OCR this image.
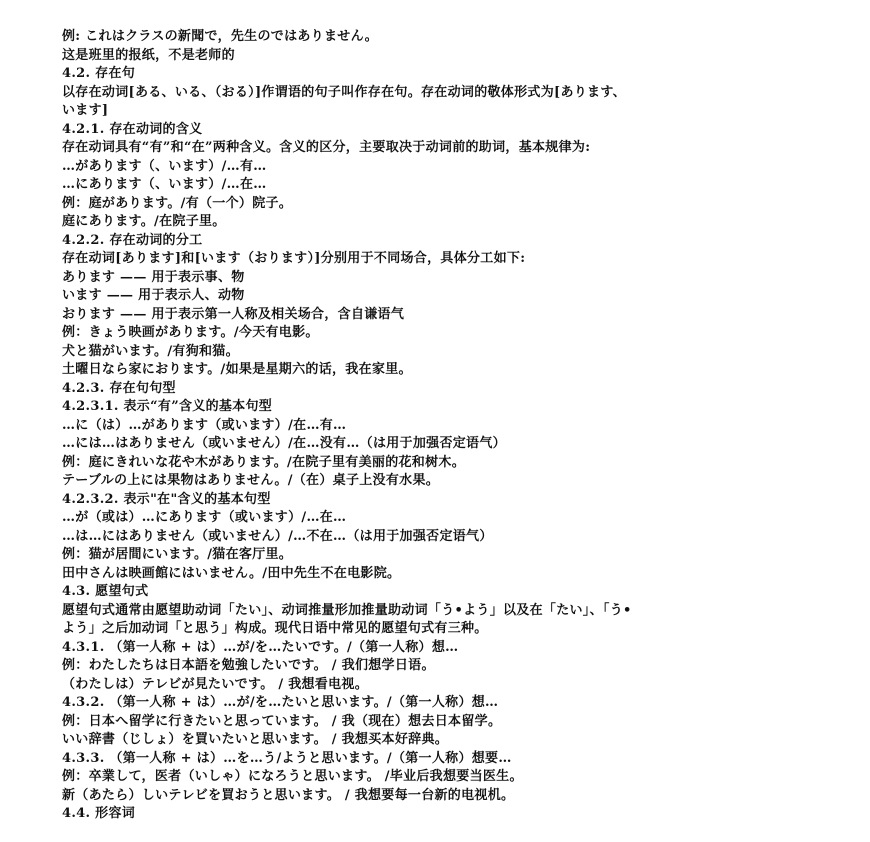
例: これはクラスの新聞で，先生のではありません。
这是班里的报纸，不是老师的
4.2. 存在句
以存在动词[ある、いる、（おる）]作谓语的句子叫作存在句。存在动词的敬体形式为[あります、
います]
4.2.1. 存在动词的含义
存在动词具有“有”和“在”两种含义。含义的区分，主要取决于动词前的助词，基本规律为:
…があります（、います）/…有…
…にあります（、います）/…在…
例：庭があります。/有（一个）院子。
庭にあります。/在院子里。
4.2.2. 存在动词的分工
存在动词[あります]和[います（おります）]分别用于不同场合，具体分工如下:
あります —— 用于表示事、物
います —— 用于表示人、动物
おります —— 用于表示第一人称及相关场合，含自谦语气
例：きょう映画があります。/今天有电影。
犬と猫がいます。/有狗和猫。
土曜日なら家におります。/如果是星期六的话，我在家里。
4.2.3. 存在句句型
4.2.3.1. 表示“有”含义的基本句型
…に（は）…があります（或います）/在…有…
…には…はありません（或いません）/在…没有…（は用于加强否定语气）
例：庭にきれいな花や木があります。/在院子里有美丽的花和树木。
テーブルの上には果物はありません。/（在）桌子上没有水果。
4.2.3.2. 表示"在"含义的基本句型
…が（或は）…にあります（或います）/…在…
…は…にはありません（或いません）/…不在…（は用于加强否定语气）
例：猫が居間にいます。/猫在客厅里。
田中さんは映画館にはいません。/田中先生不在电影院。
4.3. 愿望句式
愿望句式通常由愿望助动词「たい」、动词推量形加推量助动词「う•よう」以及在「たい」、「う•
よう」之后加动词「と思う」构成。现代日语中常见的愿望句式有三种。
4.3.1. （第一人称 + は）…が/を…たいです。/（第一人称）想…
例：わたしたちは日本語を勉強したいです。 / 我们想学日语。
（わたしは）テレビが見たいです。 / 我想看电视。
4.3.2. （第一人称 + は）…が/を…たいと思います。/（第一人称）想…
例：日本へ留学に行きたいと思っています。 / 我（现在）想去日本留学。
いい辞書（じしょ）を買いたいと思います。 / 我想买本好辞典。
4.3.3. （第一人称 + は）…を…う/ようと思います。/（第一人称）想要…
例：卒業して，医者（いしゃ）になろうと思います。 /毕业后我想要当医生。
新（あたら）しいテレビを買おうと思います。 / 我想要每一台新的电视机。
4.4. 形容词
